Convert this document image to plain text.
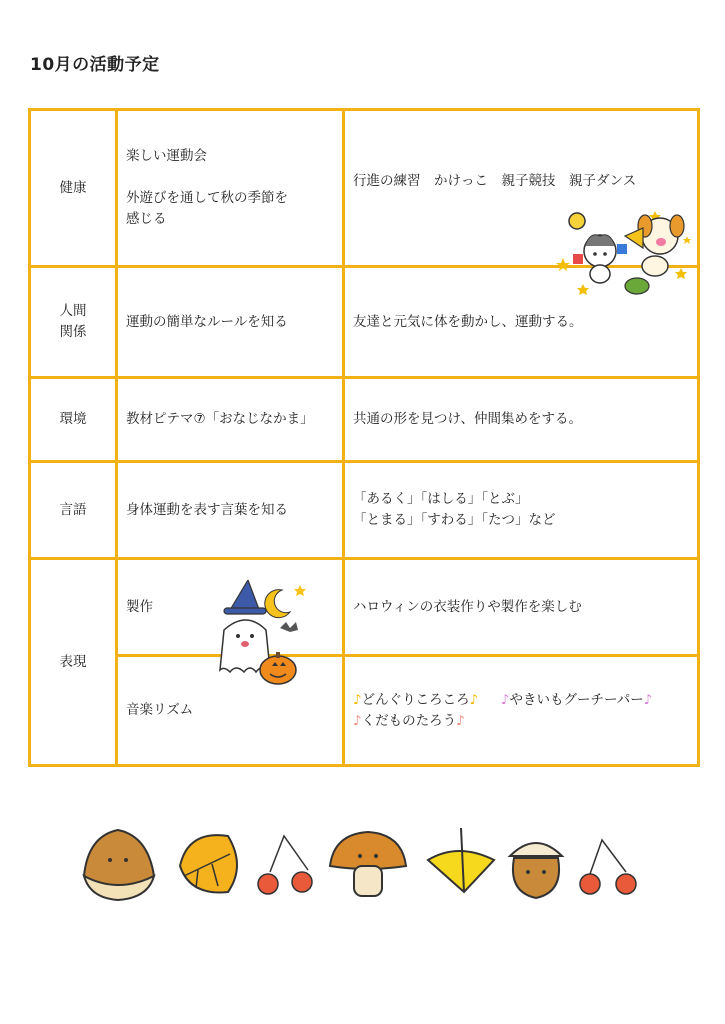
10月の活動予定
健康	楽しい運動会
外遊びを通して秋の季節を
感じる	行進の練習　かけっこ　親子競技　親子ダンス

人間
関係	運動の簡単なルールを知る	友達と元気に体を動かし、運動する。
環境	教材ピテマ⑦「おなじなかま」	共通の形を見つけ、仲間集めをする。
言語	身体運動を表す言葉を知る	「あるく」「はしる」「とぶ」
「とまる」「すわる」「たつ」など

表現	製作	ハロウィンの衣装作りや製作を楽しむ
	音楽リズム	♪どんぐりころころ♪ ♪やきいもグーチーパー♪
♪くだものたろう♪
